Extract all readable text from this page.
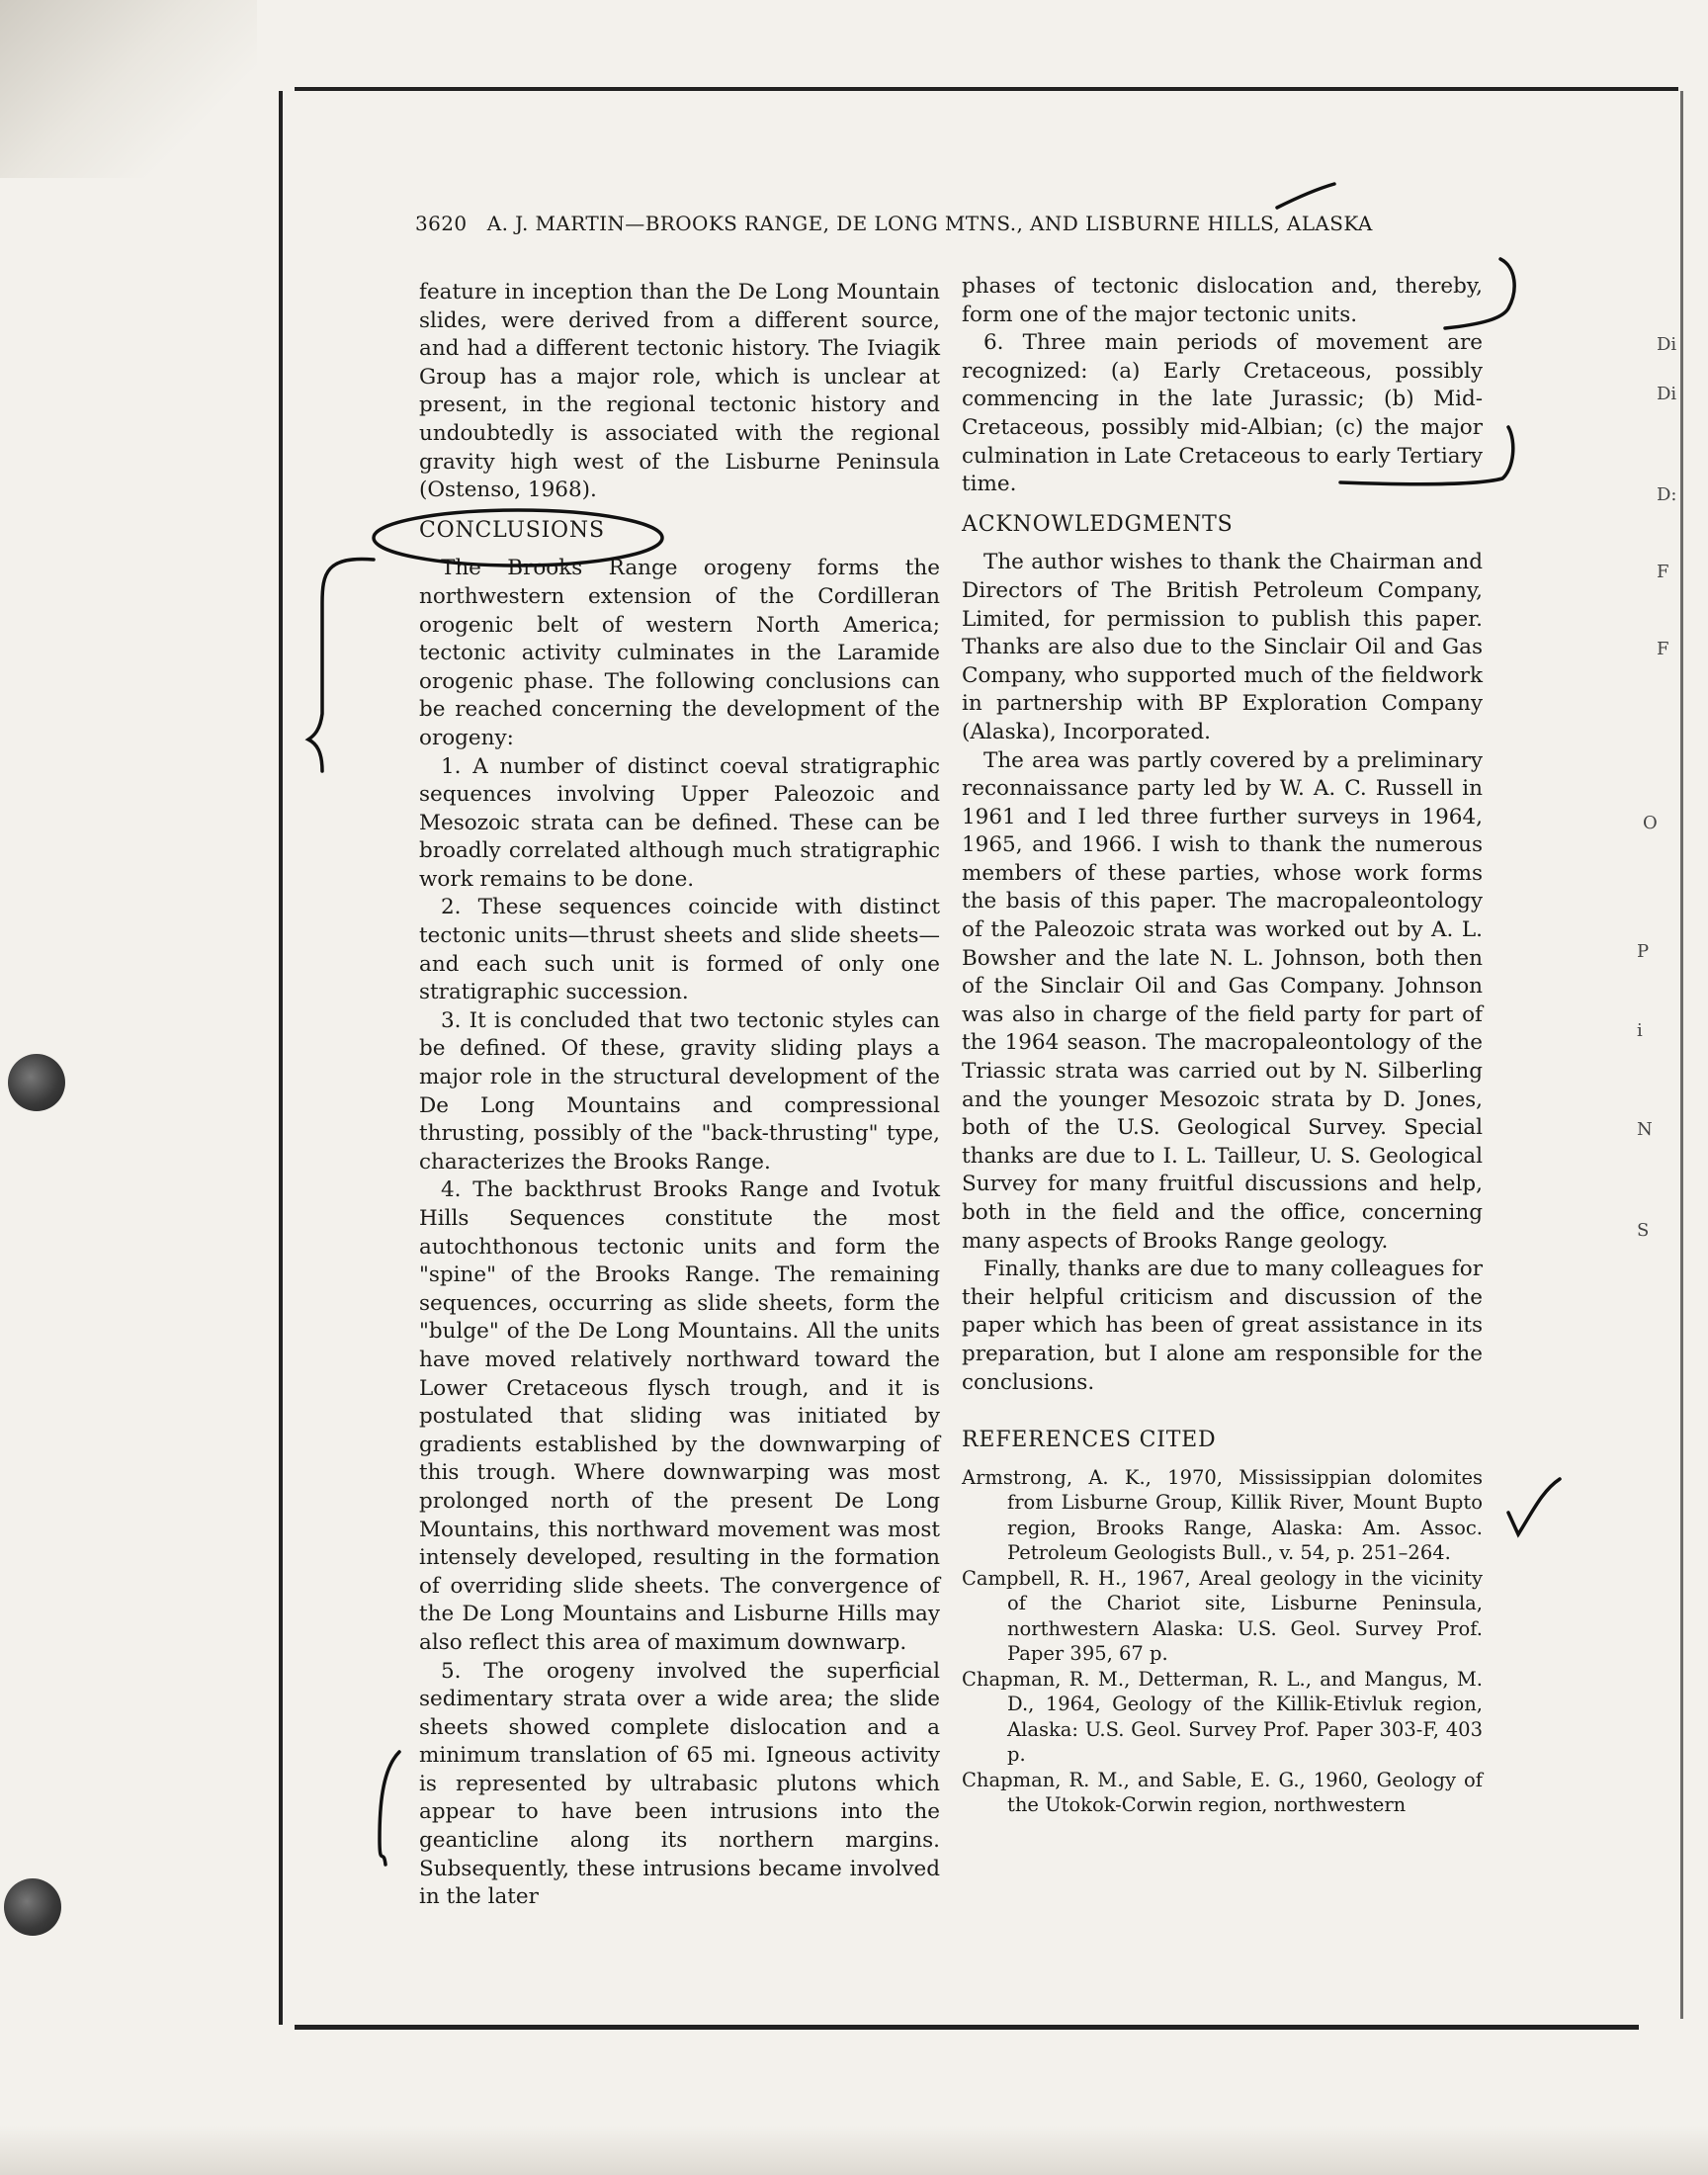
Di
Di
D:
F
F
O
P
i
N
S
3620 A. J. MARTIN—BROOKS RANGE, DE LONG MTNS., AND LISBURNE HILLS, ALASKA

feature in inception than the De Long Mountain slides, were derived from a different source, and had a different tectonic history. The Iviagik Group has a major role, which is unclear at present, in the regional tectonic history and undoubtedly is associated with the regional gravity high west of the Lisburne Peninsula (Ostenso, 1968).

CONCLUSIONS

The Brooks Range orogeny forms the northwestern extension of the Cordilleran orogenic belt of western North America; tectonic activity culminates in the Laramide orogenic phase. The following conclusions can be reached concerning the development of the orogeny:

1. A number of distinct coeval stratigraphic sequences involving Upper Paleozoic and Mesozoic strata can be defined. These can be broadly correlated although much stratigraphic work remains to be done.

2. These sequences coincide with distinct tectonic units—thrust sheets and slide sheets—and each such unit is formed of only one stratigraphic succession.

3. It is concluded that two tectonic styles can be defined. Of these, gravity sliding plays a major role in the structural development of the De Long Mountains and compressional thrusting, possibly of the "back-thrusting" type, characterizes the Brooks Range.

4. The backthrust Brooks Range and Ivotuk Hills Sequences constitute the most autochthonous tectonic units and form the "spine" of the Brooks Range. The remaining sequences, occurring as slide sheets, form the "bulge" of the De Long Mountains. All the units have moved relatively northward toward the Lower Cretaceous flysch trough, and it is postulated that sliding was initiated by gradients established by the downwarping of this trough. Where downwarping was most prolonged north of the present De Long Mountains, this northward movement was most intensely developed, resulting in the formation of overriding slide sheets. The convergence of the De Long Mountains and Lisburne Hills may also reflect this area of maximum downwarp.

5. The orogeny involved the superficial sedimentary strata over a wide area; the slide sheets showed complete dislocation and a minimum translation of 65 mi. Igneous activity is represented by ultrabasic plutons which appear to have been intrusions into the geanticline along its northern margins. Subsequently, these intrusions became involved in the later

phases of tectonic dislocation and, thereby, form one of the major tectonic units.

6. Three main periods of movement are recognized: (a) Early Cretaceous, possibly commencing in the late Jurassic; (b) Mid-Cretaceous, possibly mid-Albian; (c) the major culmination in Late Cretaceous to early Tertiary time.

ACKNOWLEDGMENTS

The author wishes to thank the Chairman and Directors of The British Petroleum Company, Limited, for permission to publish this paper. Thanks are also due to the Sinclair Oil and Gas Company, who supported much of the fieldwork in partnership with BP Exploration Company (Alaska), Incorporated.

The area was partly covered by a preliminary reconnaissance party led by W. A. C. Russell in 1961 and I led three further surveys in 1964, 1965, and 1966. I wish to thank the numerous members of these parties, whose work forms the basis of this paper. The macropaleontology of the Paleozoic strata was worked out by A. L. Bowsher and the late N. L. Johnson, both then of the Sinclair Oil and Gas Company. Johnson was also in charge of the field party for part of the 1964 season. The macropaleontology of the Triassic strata was carried out by N. Silberling and the younger Mesozoic strata by D. Jones, both of the U.S. Geological Survey. Special thanks are due to I. L. Tailleur, U. S. Geological Survey for many fruitful discussions and help, both in the field and the office, concerning many aspects of Brooks Range geology.

Finally, thanks are due to many colleagues for their helpful criticism and discussion of the paper which has been of great assistance in its preparation, but I alone am responsible for the conclusions.

REFERENCES CITED

Armstrong, A. K., 1970, Mississippian dolomites from Lisburne Group, Killik River, Mount Bupto region, Brooks Range, Alaska: Am. Assoc. Petroleum Geologists Bull., v. 54, p. 251–264.

Campbell, R. H., 1967, Areal geology in the vicinity of the Chariot site, Lisburne Peninsula, northwestern Alaska: U.S. Geol. Survey Prof. Paper 395, 67 p.

Chapman, R. M., Detterman, R. L., and Mangus, M. D., 1964, Geology of the Killik-Etivluk region, Alaska: U.S. Geol. Survey Prof. Paper 303-F, 403 p.

Chapman, R. M., and Sable, E. G., 1960, Geology of the Utokok-Corwin region, northwestern
